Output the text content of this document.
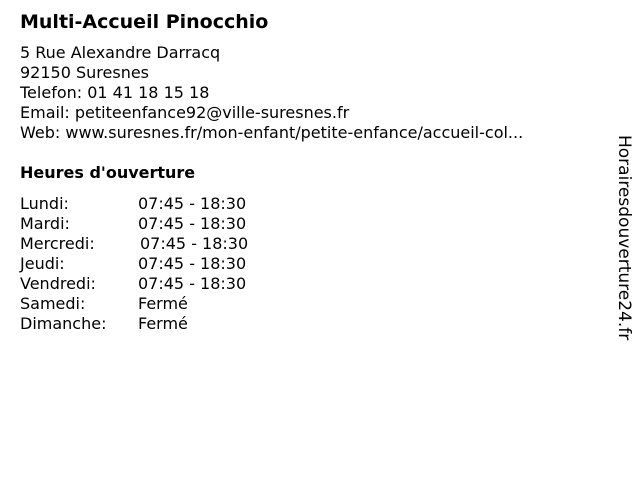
Multi-Accueil Pinocchio
5 Rue Alexandre Darracq
92150 Suresnes
Telefon: 01 41 18 15 18
Email: petiteenfance92@ville-suresnes.fr
Web: www.suresnes.fr/mon-enfant/petite-enfance/accueil-col...
Heures d'ouverture
Lundi:	07:45 - 18:30
Mardi:	07:45 - 18:30
Mercredi:	07:45 - 18:30
Jeudi:	07:45 - 18:30
Vendredi:	07:45 - 18:30
Samedi:	Fermé
Dimanche: Fermé	Horairesdouverture24.fr
